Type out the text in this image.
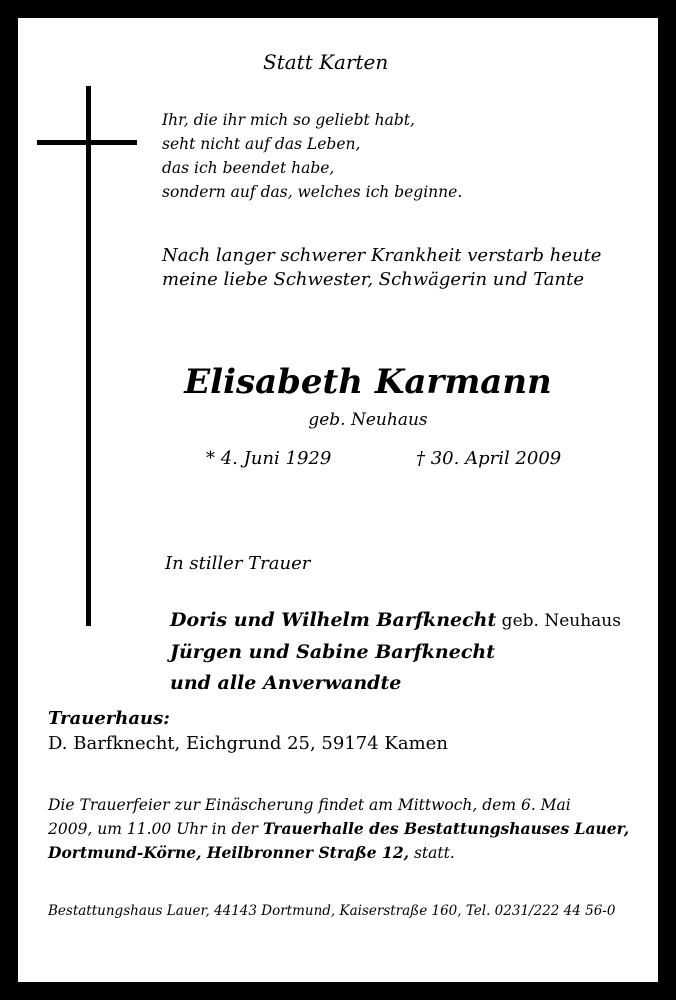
Statt Karten
Ihr, die ihr mich so geliebt habt,
seht nicht auf das Leben,
das ich beendet habe,
sondern auf das, welches ich beginne.
Nach langer schwerer Krankheit verstarb heute
meine liebe Schwester, Schwägerin und Tante
Elisabeth Karmann
geb. Neuhaus
* 4. Juni 1929	† 30. April 2009
In stiller Trauer
Doris und Wilhelm Barfknecht geb. Neuhaus
Jürgen und Sabine Barfknecht
und alle Anverwandte
Trauerhaus:
D. Barfknecht, Eichgrund 25, 59174 Kamen
Die Trauerfeier zur Einäscherung findet am Mittwoch, dem 6. Mai
2009, um 11.00 Uhr in der Trauerhalle des Bestattungshauses Lauer,
Dortmund-Körne, Heilbronner Straße 12, statt.
Bestattungshaus Lauer, 44143 Dortmund, Kaiserstraße 160, Tel. 0231/222 44 56-0
